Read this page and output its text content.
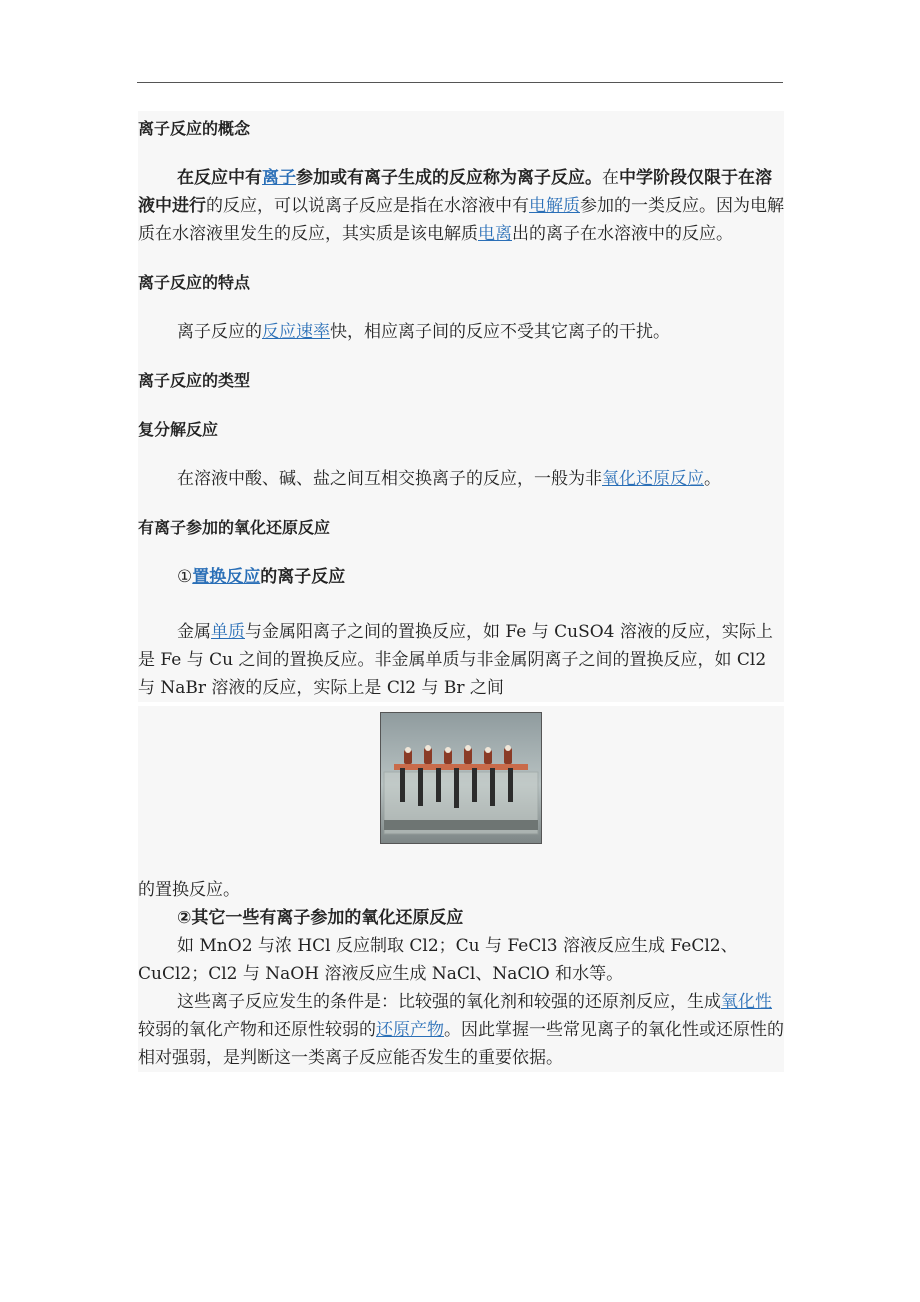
离子反应的概念

在反应中有离子参加或有离子生成的反应称为离子反应。在中学阶段仅限于在溶液中进行的反应，可以说离子反应是指在水溶液中有电解质参加的一类反应。因为电解质在水溶液里发生的反应，其实质是该电解质电离出的离子在水溶液中的反应。

离子反应的特点

离子反应的反应速率快，相应离子间的反应不受其它离子的干扰。

离子反应的类型

复分解反应

在溶液中酸、碱、盐之间互相交换离子的反应，一般为非氧化还原反应。

有离子参加的氧化还原反应

①置换反应的离子反应

金属单质与金属阳离子之间的置换反应，如 Fe 与 CuSO4 溶液的反应，实际上是 Fe 与 Cu 之间的置换反应。非金属单质与非金属阴离子之间的置换反应，如 Cl2 与 NaBr 溶液的反应，实际上是 Cl2 与 Br 之间

的置换反应。

②其它一些有离子参加的氧化还原反应

如 MnO2 与浓 HCl 反应制取 Cl2；Cu 与 FeCl3 溶液反应生成 FeCl2、CuCl2；Cl2 与 NaOH 溶液反应生成 NaCl、NaClO 和水等。

这些离子反应发生的条件是：比较强的氧化剂和较强的还原剂反应，生成氧化性较弱的氧化产物和还原性较弱的还原产物。因此掌握一些常见离子的氧化性或还原性的相对强弱，是判断这一类离子反应能否发生的重要依据。
